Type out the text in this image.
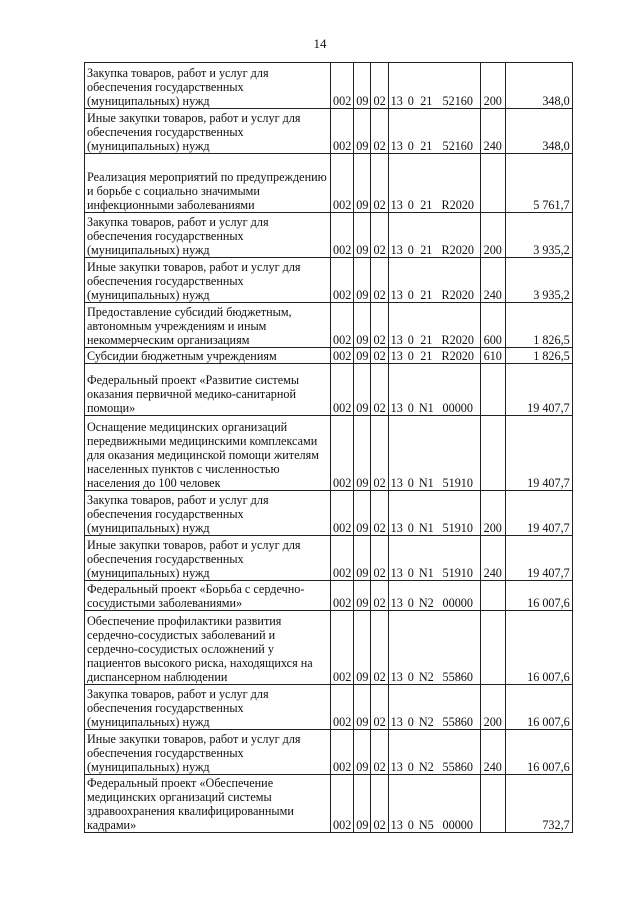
14
Закупка товаров, работ и услуг для обеспечения государственных (муниципальных) нужд	002	09	02	13	0	21	52160	200	348,0
Иные закупки товаров, работ и услуг для обеспечения государственных (муниципальных) нужд	002	09	02	13	0	21	52160	240	348,0
Реализация мероприятий по предупреждению и борьбе с социально значимыми инфекционными заболеваниями	002	09	02	13	0	21	R2020		5 761,7
Закупка товаров, работ и услуг для обеспечения государственных (муниципальных) нужд	002	09	02	13	0	21	R2020	200	3 935,2
Иные закупки товаров, работ и услуг для обеспечения государственных (муниципальных) нужд	002	09	02	13	0	21	R2020	240	3 935,2
Предоставление субсидий бюджетным, автономным учреждениям и иным некоммерческим организациям	002	09	02	13	0	21	R2020	600	1 826,5
Субсидии бюджетным учреждениям	002	09	02	13	0	21	R2020	610	1 826,5
Федеральный проект «Развитие системы оказания первичной медико-санитарной помощи»	002	09	02	13	0	N1	00000		19 407,7
Оснащение медицинских организаций передвижными медицинскими комплексами для оказания медицинской помощи жителям населенных пунктов с численностью населения до 100 человек	002	09	02	13	0	N1	51910		19 407,7
Закупка товаров, работ и услуг для обеспечения государственных (муниципальных) нужд	002	09	02	13	0	N1	51910	200	19 407,7
Иные закупки товаров, работ и услуг для обеспечения государственных (муниципальных) нужд	002	09	02	13	0	N1	51910	240	19 407,7
Федеральный проект «Борьба с сердечно-сосудистыми заболеваниями»	002	09	02	13	0	N2	00000		16 007,6
Обеспечение профилактики развития сердечно-сосудистых заболеваний и сердечно-сосудистых осложнений у пациентов высокого риска, находящихся на диспансерном наблюдении	002	09	02	13	0	N2	55860		16 007,6
Закупка товаров, работ и услуг для обеспечения государственных (муниципальных) нужд	002	09	02	13	0	N2	55860	200	16 007,6
Иные закупки товаров, работ и услуг для обеспечения государственных (муниципальных) нужд	002	09	02	13	0	N2	55860	240	16 007,6
Федеральный проект «Обеспечение медицинских организаций системы здравоохранения квалифицированными кадрами»	002	09	02	13	0	N5	00000		732,7
